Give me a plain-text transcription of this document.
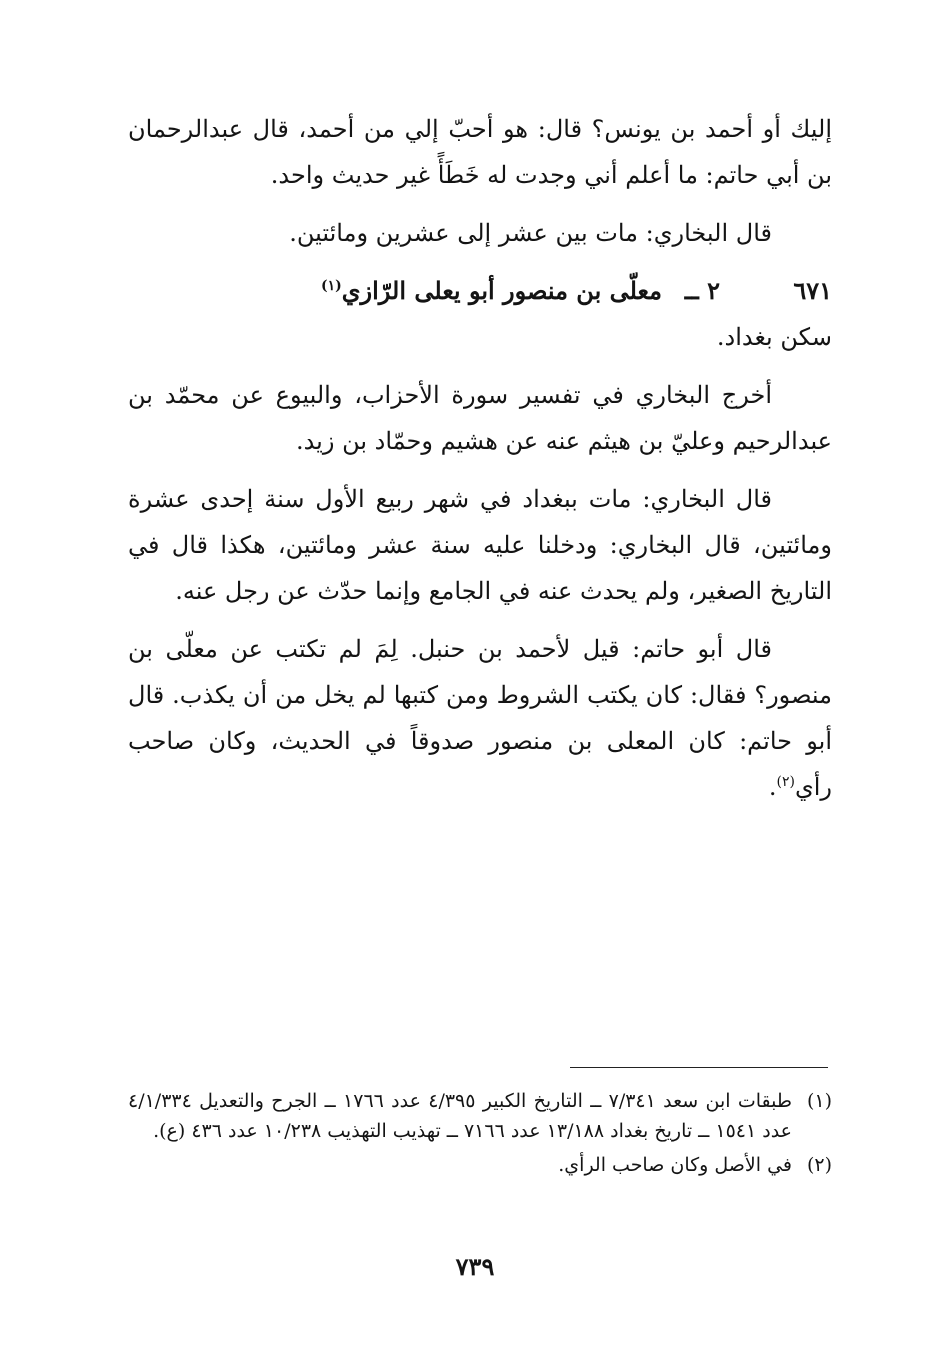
إليك أو أحمد بن يونس؟ قال: هو أحبّ إلي من أحمد، قال عبدالرحمان بن أبي حاتم: ما أعلم أني وجدت له خَطَأً غير حديث واحد.

قال البخاري: مات بين عشر إلى عشرين ومائتين.

٦٧١
٢ ــ
معلّى بن منصور أبو يعلى الرّازي$^{(١)}$

سكن بغداد.

أخرج البخاري في تفسير سورة الأحزاب، والبيوع عن محمّد بن عبدالرحيم وعليّ بن هيثم عنه عن هشيم وحمّاد بن زيد.

قال البخاري: مات ببغداد في شهر ربيع الأول سنة إحدى عشرة ومائتين، قال البخاري: ودخلنا عليه سنة عشر ومائتين، هكذا قال في التاريخ الصغير، ولم يحدث عنه في الجامع وإنما حدّث عن رجل عنه.

قال أبو حاتم: قيل لأحمد بن حنبل. لِمَ لم تكتب عن معلّى بن منصور؟ فقال: كان يكتب الشروط ومن كتبها لم يخل من أن يكذب. قال أبو حاتم: كان المعلى بن منصور صدوقاً في الحديث، وكان صاحب رأي$^{(٢)}$.

(١)
طبقات ابن سعد ٧/٣٤١ ــ التاريخ الكبير ٤/٣٩٥ عدد ١٧٦٦ ــ الجرح والتعديل ٤/١/٣٣٤ عدد ١٥٤١ ــ تاريخ بغداد ١٣/١٨٨ عدد ٧١٦٦ ــ تهذيب التهذيب ١٠/٢٣٨ عدد ٤٣٦ (ع).
(٢)
في الأصل وكان صاحب الرأي.
٧٣٩
